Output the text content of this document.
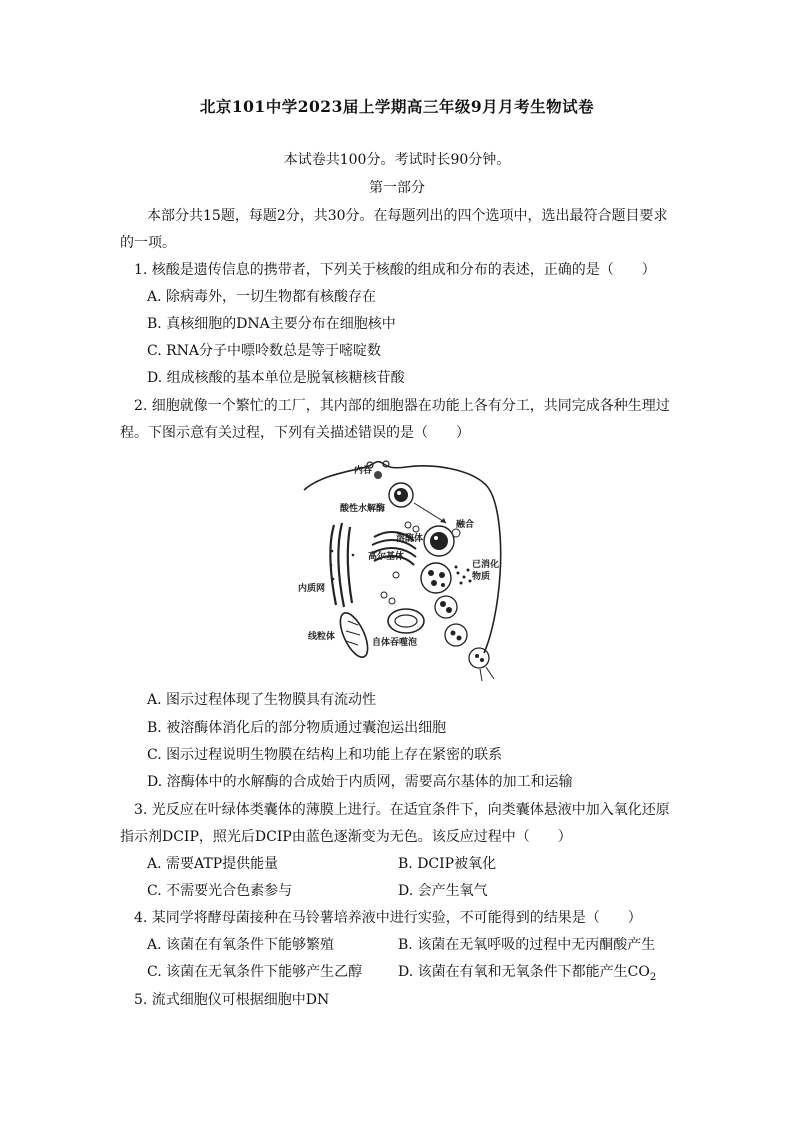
北京101中学2023届上学期高三年级9月月考生物试卷
本试卷共100分。考试时长90分钟。
第一部分
本部分共15题，每题2分，共30分。在每题列出的四个选项中，选出最符合题目要求
的一项。
1. 核酸是遗传信息的携带者，下列关于核酸的组成和分布的表述，正确的是（　　）
A. 除病毒外，一切生物都有核酸存在
B. 真核细胞的DNA主要分布在细胞核中
C. RNA分子中嘌呤数总是等于嘧啶数
D. 组成核酸的基本单位是脱氧核糖核苷酸
2. 细胞就像一个繁忙的工厂，其内部的细胞器在功能上各有分工，共同完成各种生理过
程。下图示意有关过程，下列有关描述错误的是（　　）
内吞
酸性水解酶
融合
溶酶体
高尔基体
已消化
物质
内质网
线粒体
自体吞噬泡
A. 图示过程体现了生物膜具有流动性
B. 被溶酶体消化后的部分物质通过囊泡运出细胞
C. 图示过程说明生物膜在结构上和功能上存在紧密的联系
D. 溶酶体中的水解酶的合成始于内质网，需要高尔基体的加工和运输
3. 光反应在叶绿体类囊体的薄膜上进行。在适宜条件下，向类囊体悬液中加入氧化还原
指示剂DCIP，照光后DCIP由蓝色逐渐变为无色。该反应过程中（　　）
A. 需要ATP提供能量	B. DCIP被氧化
C. 不需要光合色素参与	D. 会产生氧气
4. 某同学将酵母菌接种在马铃薯培养液中进行实验，不可能得到的结果是（　　）
A. 该菌在有氧条件下能够繁殖	B. 该菌在无氧呼吸的过程中无丙酮酸产生
C. 该菌在无氧条件下能够产生乙醇	D. 该菌在有氧和无氧条件下都能产生$CO_2$
5. 流式细胞仪可根据细胞中DN
